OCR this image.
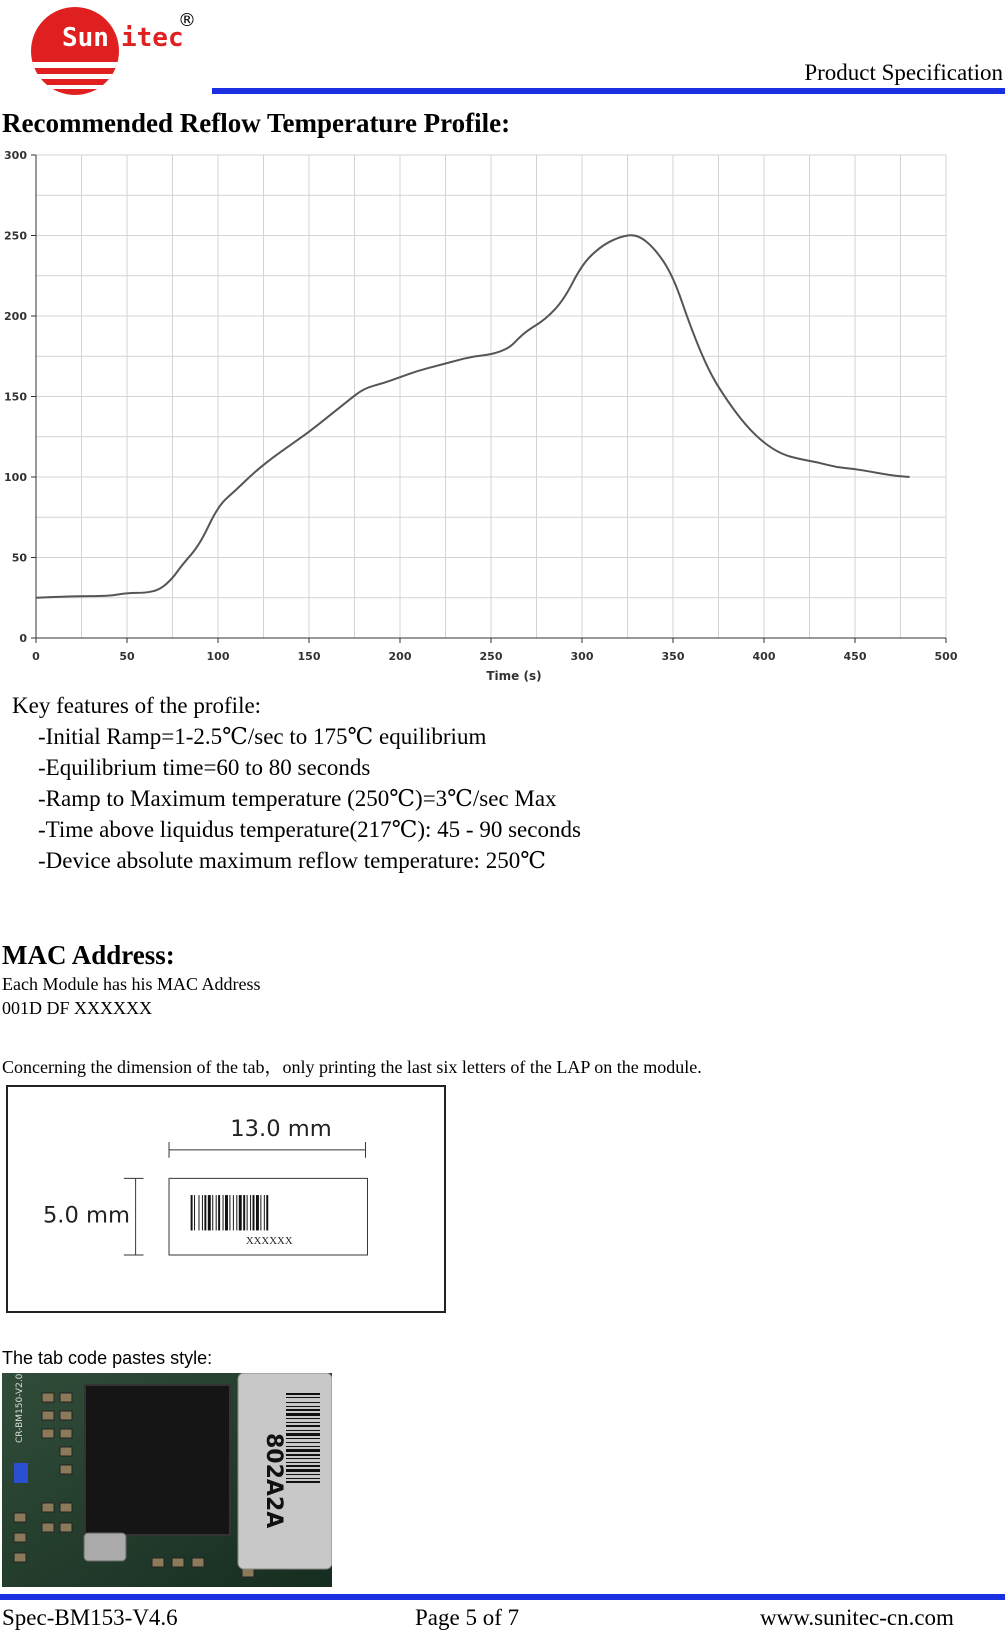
Sun itec
®
Product Specification
Recommended Reflow Temperature Profile:
0	50	100	150	200	250	300	350	400	450	500
0
50
100
150
200
250
300
Time (s)
Key features of the profile:
-Initial Ramp=1-2.5℃/sec to 175℃ equilibrium
-Equilibrium time=60 to 80 seconds
-Ramp to Maximum temperature (250℃)=3℃/sec Max
-Time above liquidus temperature(217℃): 45 - 90 seconds
-Device absolute maximum reflow temperature: 250℃
MAC Address:
Each Module has his MAC Address
001D DF XXXXXX
Concerning the dimension of the tab，only printing the last six letters of the LAP on the module.
13.0 mm
5.0 mm
XXXXXX
The tab code pastes style:
CR-BM150-V2.0
802A2A
Spec-BM153-V4.6	Page 5 of 7	www.sunitec-cn.com
